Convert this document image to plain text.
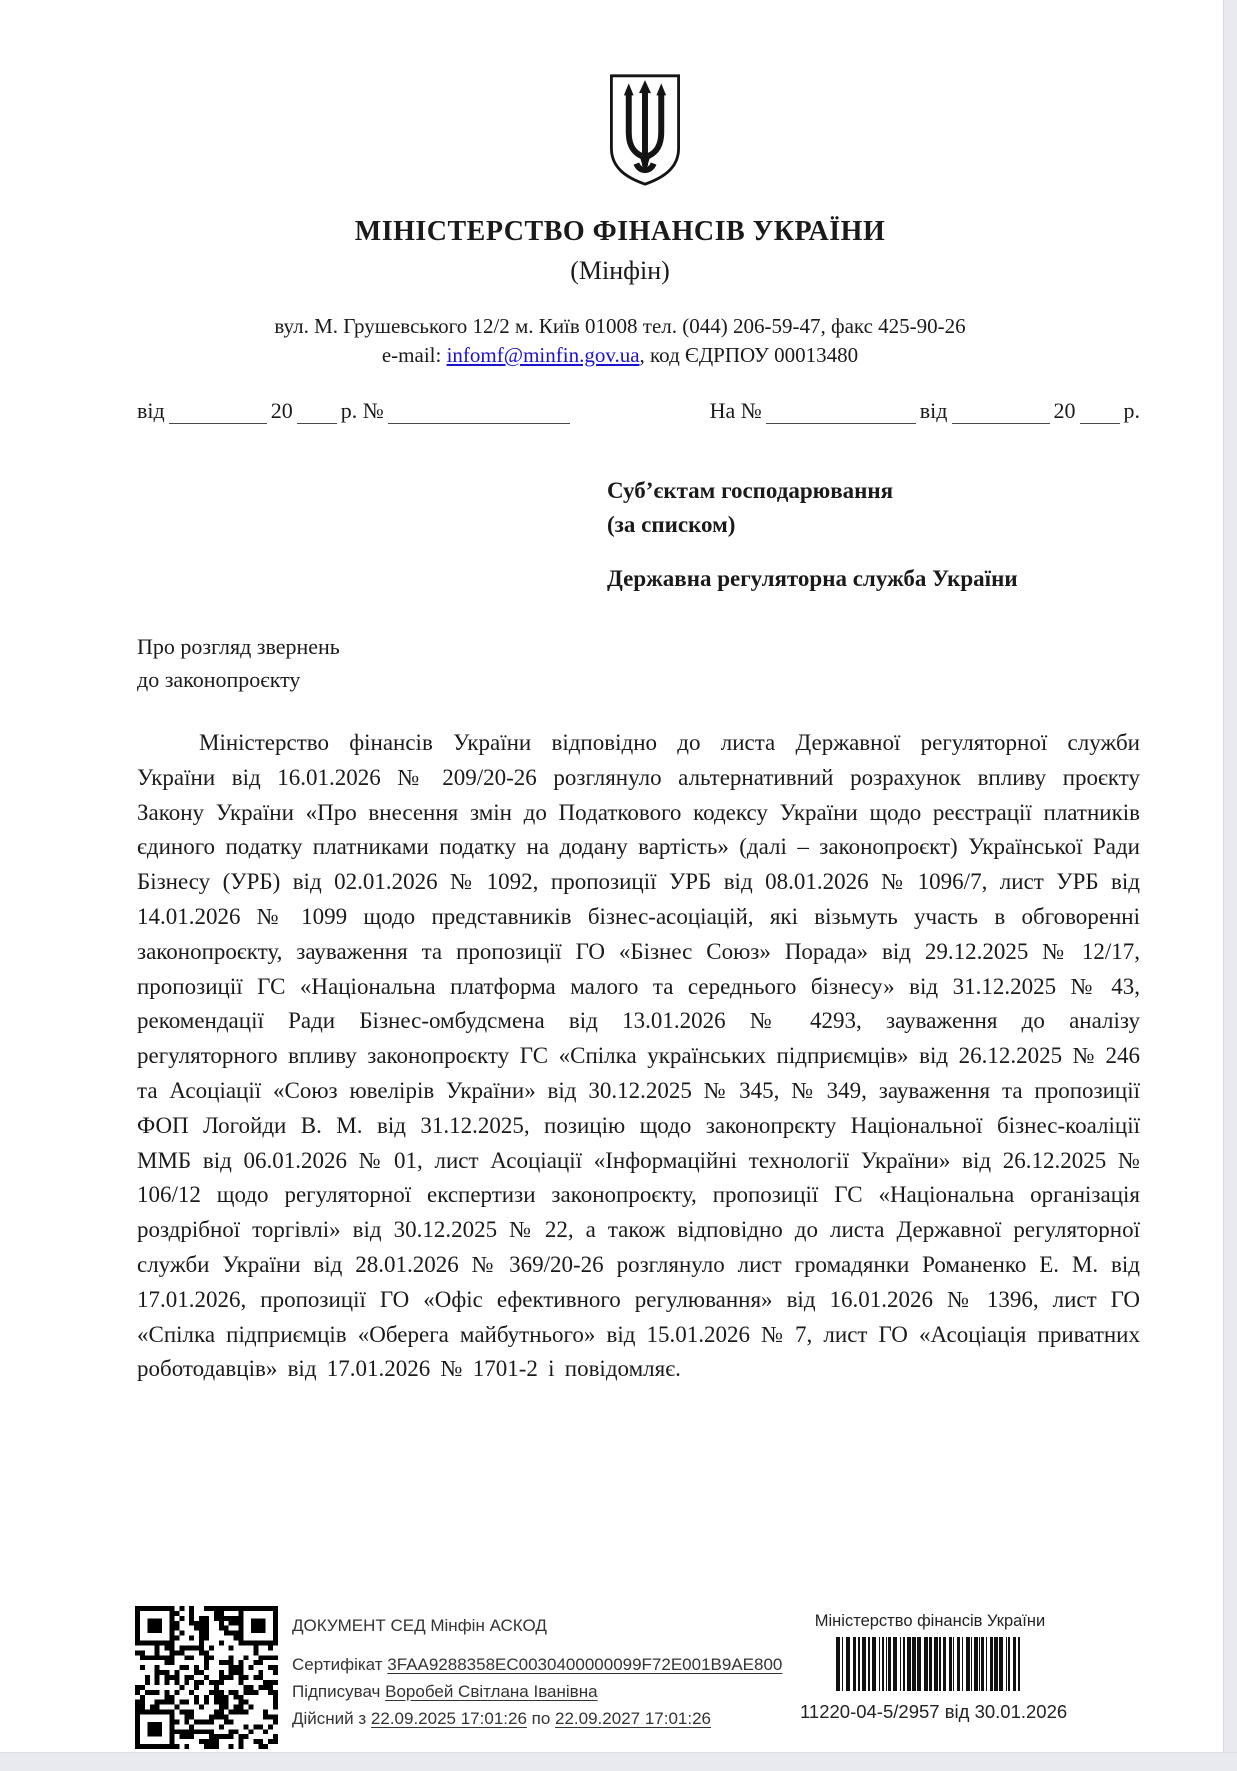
МІНІСТЕРСТВО ФІНАНСІВ УКРАЇНИ
(Мінфін)
вул. М. Грушевського 12/2 м. Київ 01008 тел. (044) 206-59-47, факс 425-90-26
e-mail: infomf@minfin.gov.ua, код ЄДРПОУ 00013480
від	20 р. №	На №	від	20 р.
Суб’єктам господарювання
(за списком)
Державна регуляторна служба України
Про розгляд звернень
до законопроєкту
Міністерство фінансів України відповідно до листа Державної регуляторної служби України від 16.01.2026 № 209/20-26 розглянуло альтернативний розрахунок впливу проєкту Закону України «Про внесення змін до Податкового кодексу України щодо реєстрації платників єдиного податку платниками податку на додану вартість» (далі – законопроєкт) Української Ради Бізнесу (УРБ) від 02.01.2026 № 1092, пропозиції УРБ від 08.01.2026 № 1096/7, лист УРБ від 14.01.2026 № 1099 щодо представників бізнес-асоціацій, які візьмуть участь в обговоренні законопроєкту, зауваження та пропозиції ГО «Бізнес Союз» Порада» від 29.12.2025 № 12/17, пропозиції ГС «Національна платформа малого та середнього бізнесу» від 31.12.2025 № 43, рекомендації Ради Бізнес-омбудсмена від 13.01.2026 № 4293, зауваження до аналізу регуляторного впливу законопроєкту ГС «Спілка українських підприємців» від 26.12.2025 № 246 та Асоціації «Союз ювелірів України» від 30.12.2025 № 345, № 349, зауваження та пропозиції ФОП Логойди В. М. від 31.12.2025, позицію щодо законопрєкту Національної бізнес-коаліції ММБ від 06.01.2026 № 01, лист Асоціації «Інформаційні технології України» від 26.12.2025 № 106/12 щодо регуляторної експертизи законопроєкту, пропозиції ГС «Національна організація роздрібної торгівлі» від 30.12.2025 № 22, а також відповідно до листа Державної регуляторної служби України від 28.01.2026 № 369/20-26 розглянуло лист громадянки Романенко Е. М. від 17.01.2026, пропозиції ГО «Офіс ефективного регулювання» від 16.01.2026 № 1396, лист ГО «Спілка підприємців «Оберега майбутнього» від 15.01.2026 № 7, лист ГО «Асоціація приватних роботодавців» від 17.01.2026 № 1701-2 і повідомляє.
ДОКУМЕНТ СЕД Мінфін АСКОД
Сертифікат 3FAA9288358EC0030400000099F72E001B9AE800
Підписувач Воробей Світлана Іванівна
Дійсний з 22.09.2025 17:01:26 по 22.09.2027 17:01:26
Міністерство фінансів України
11220-04-5/2957 від 30.01.2026
